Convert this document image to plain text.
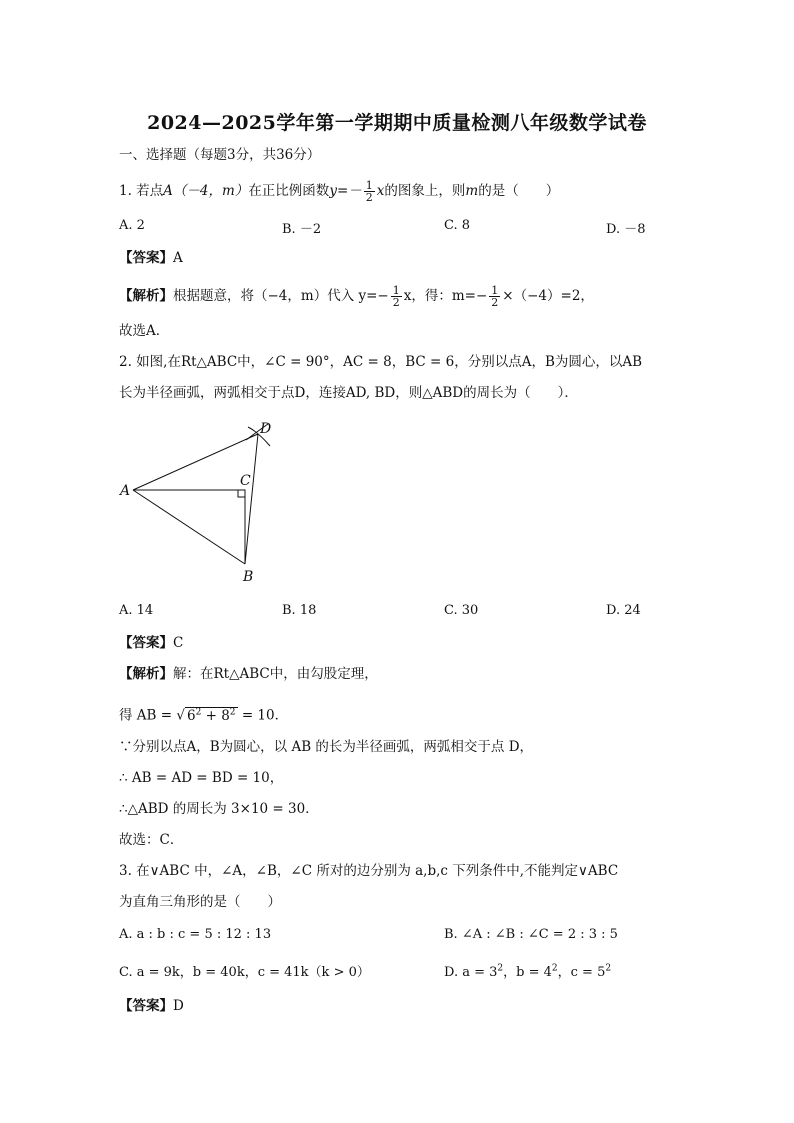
2024—2025学年第一学期期中质量检测八年级数学试卷
一、选择题（每题3分，共36分）
1. 若点A（－4，m）在正比例函数$y=- \frac{1}{2}$ x的图象上，则m的是（　　）
A. 2	B. －2	C. 8	D. －8
【答案】A
【解析】根据题意，将（−4，m）代入 $y=- \frac{1}{2}$ x，得：$m=- \frac{1}{2} \times(-4)=2$，
故选A．
2. 如图,在Rt△ABC中，∠C = 90°，AC = 8，BC = 6，分别以点A，B为圆心，以AB
长为半径画弧，两弧相交于点D，连接AD, BD，则△ABD的周长为（　　）．
A
C
B
D
A. 14	B. 18	C. 30	D. 24
【答案】C
【解析】解：在Rt△ABC中，由勾股定理，
得 AB = √ $6^2 + 8^2 = 10$．
∵分别以点A，B为圆心，以 AB 的长为半径画弧，两弧相交于点 D，
∴ AB = AD = BD = 10，
∴△ABD 的周长为 3×10 = 30．
故选：C．
3. 在∨ABC 中，∠A，∠B，∠C 所对的边分别为 a,b,c 下列条件中,不能判定∨ABC
为直角三角形的是（　　）
A. a : b : c = 5 : 12 : 13	B. ∠A : ∠B : ∠C = 2 : 3 : 5
C. a = 9k，b = 40k，c = 41k（k > 0）	D. $a = 3^2$，$b = 4^2$，$c = 5^2$
【答案】D
